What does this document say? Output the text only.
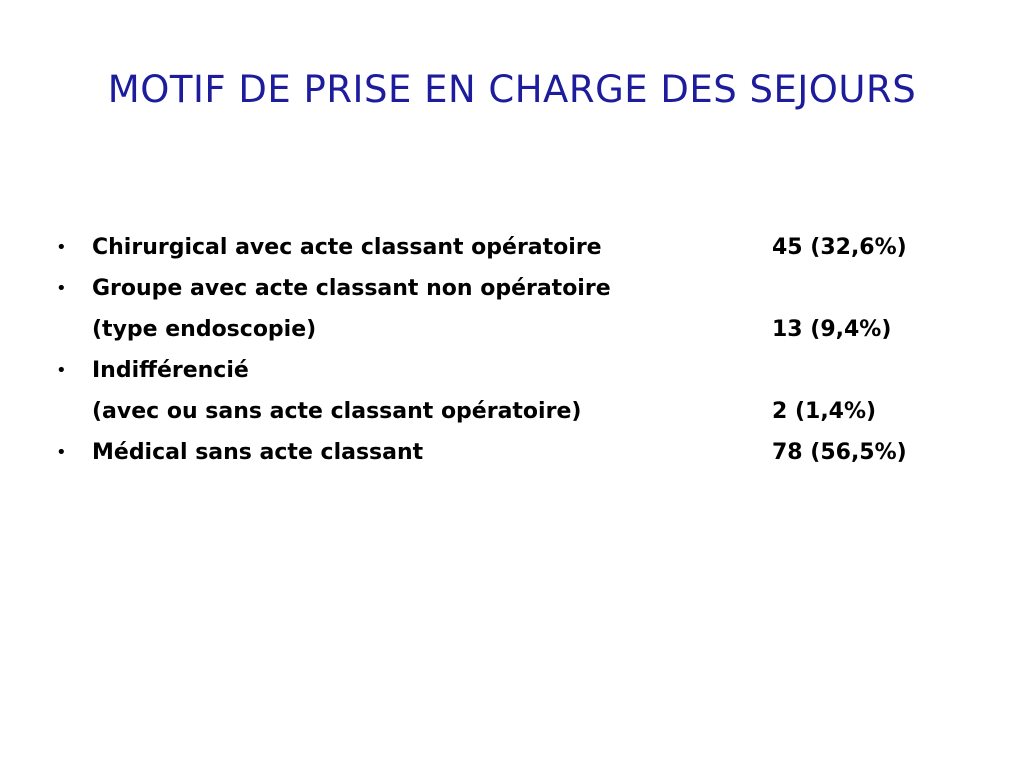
MOTIF DE PRISE EN CHARGE DES SEJOURS
•	Chirurgical avec acte classant opératoire	45 (32,6%)
•	Groupe avec acte classant non opératoire
(type endoscopie)	13 (9,4%)
•	Indifférencié
(avec ou sans acte classant opératoire)	2 (1,4%)
•	Médical sans acte classant	78 (56,5%)
